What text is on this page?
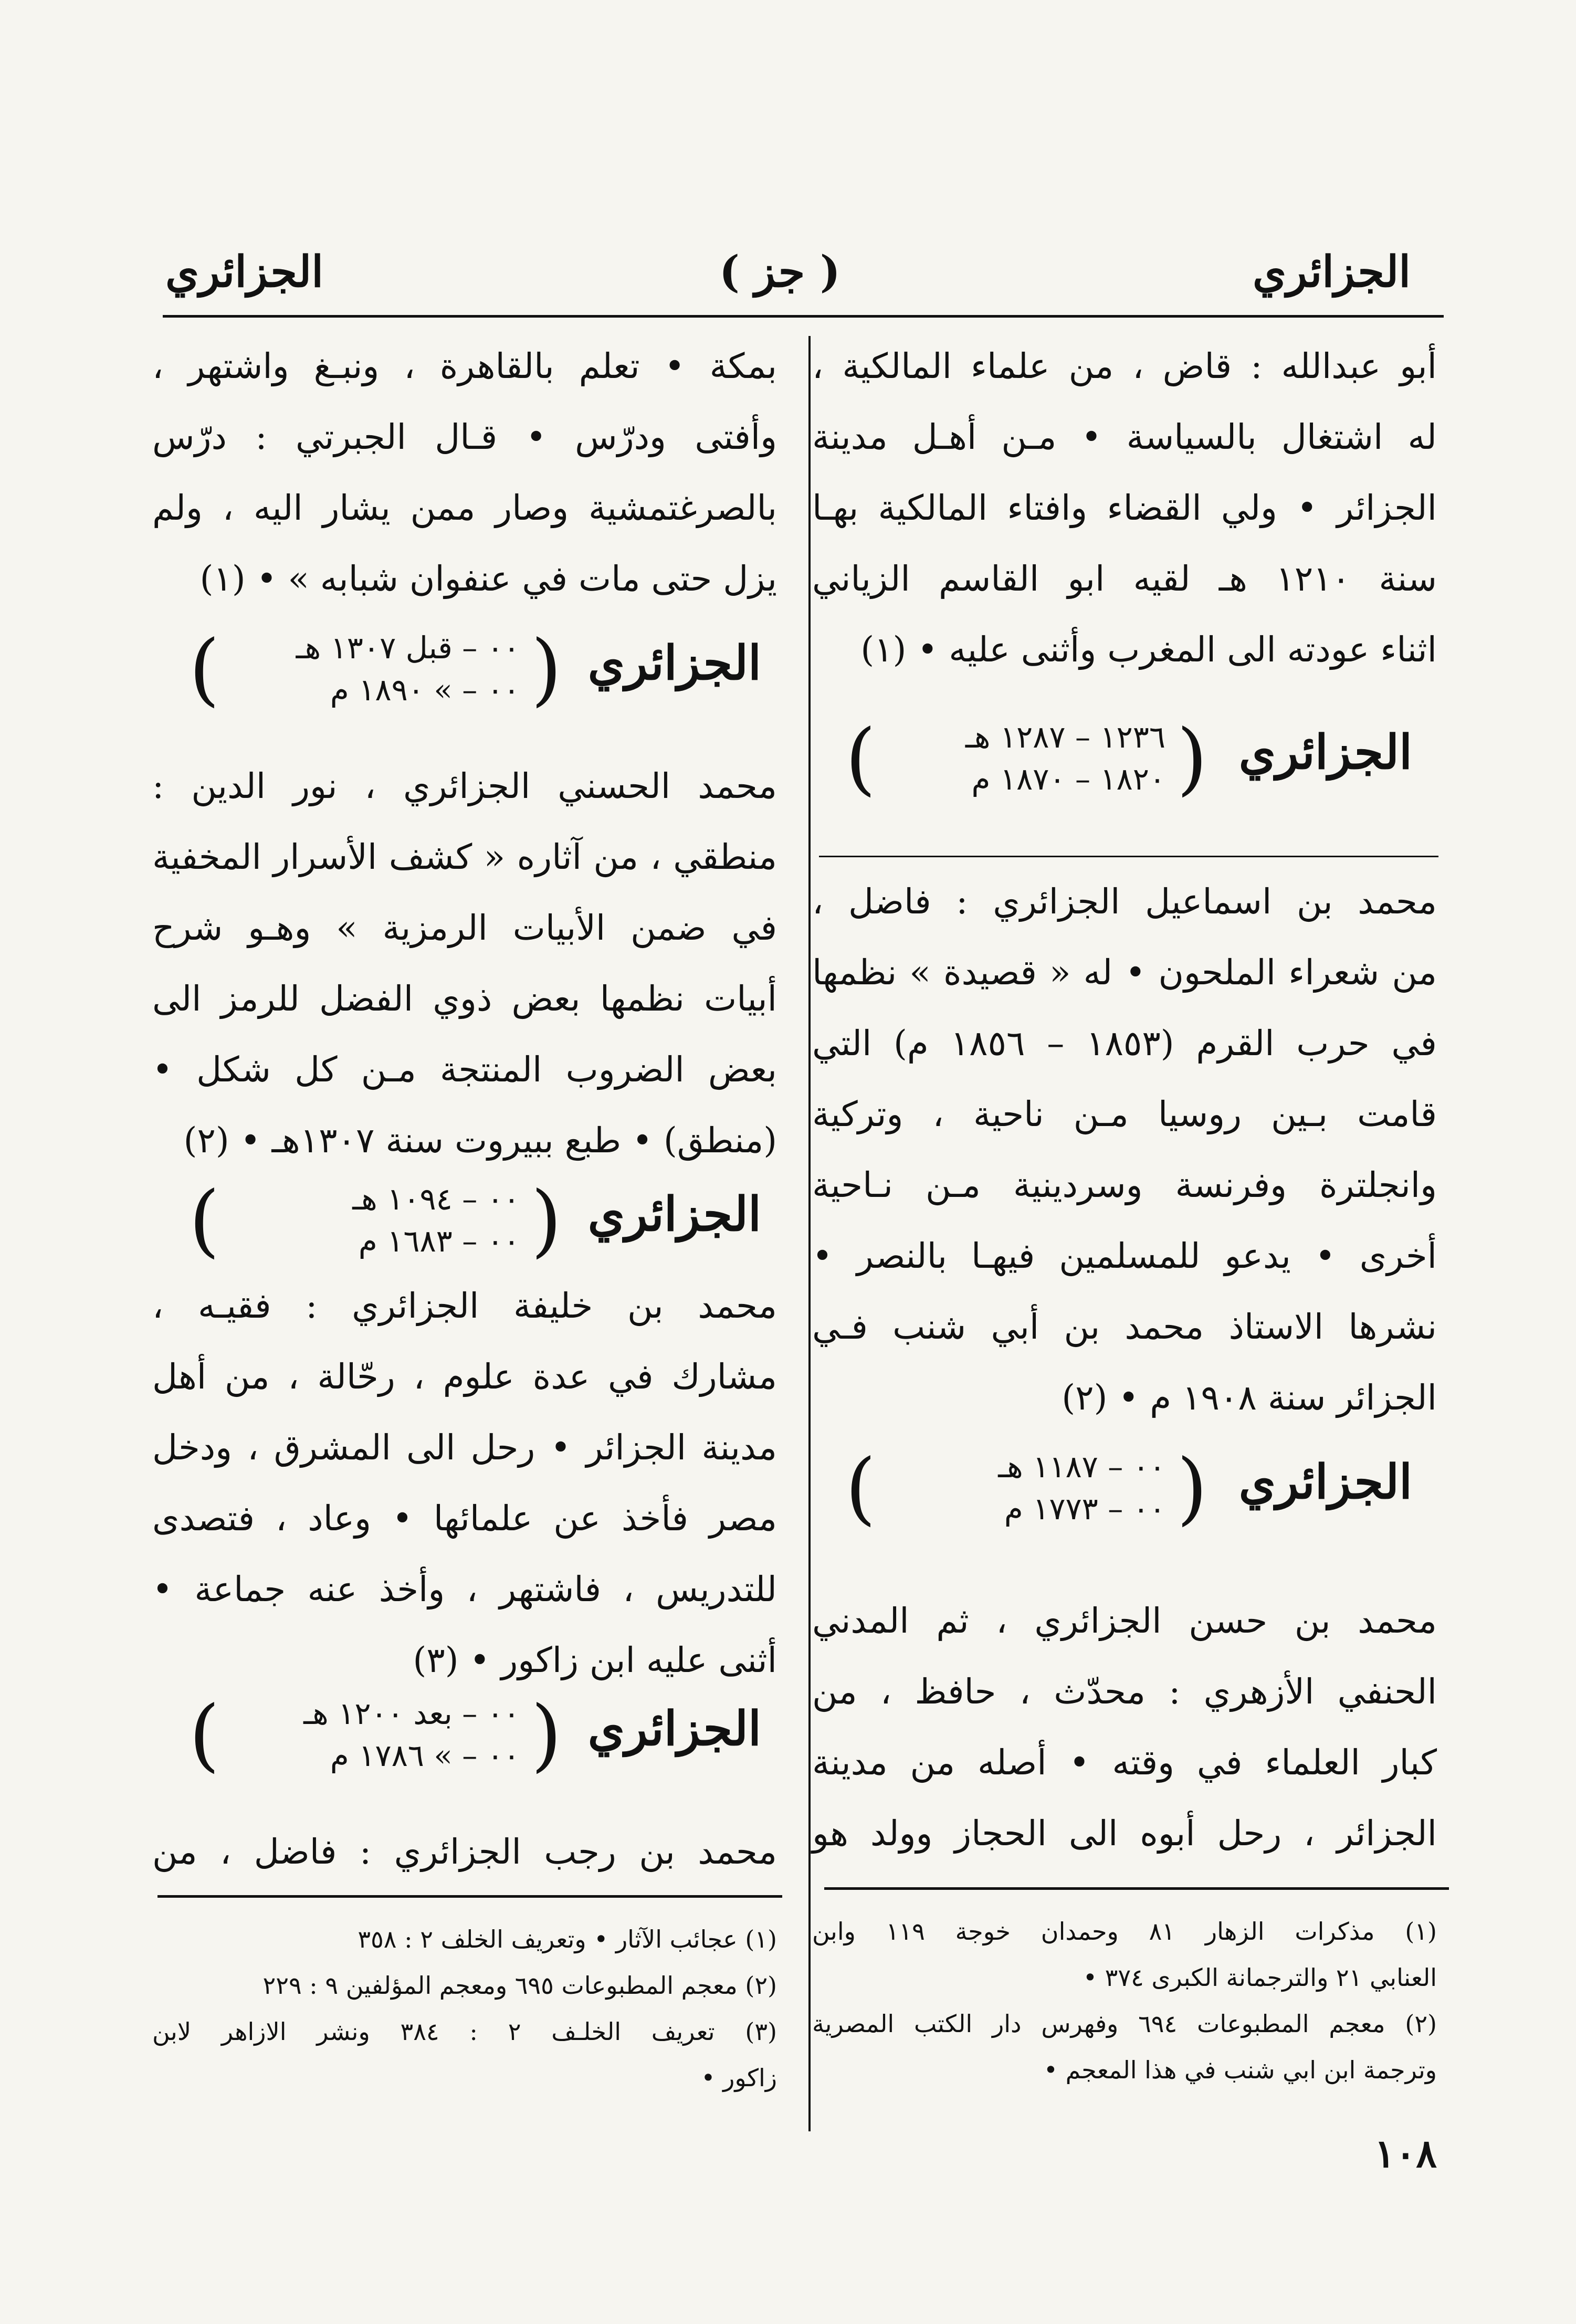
الجزائري
( جز )
الجزائري
أبو عبدالله : قاض ، من علماء المالكية ،
له اشتغال بالسياسة • مـن أهـل مدينة
الجزائر • ولي القضاء وافتاء المالكية بهـا
سنة ١٢١٠ هـ لقيه ابو القاسم الزياني
اثناء عودته الى المغرب وأثنى عليه • (١)
الجزائري
(
١٢٣٦ – ١٢٨٧ هـ
١٨٢٠ – ١٨٧٠ م
)
محمد بن اسماعيل الجزائري : فاضل ،
من شعراء الملحون • له « قصيدة » نظمها
في حرب القرم (١٨٥٣ – ١٨٥٦ م) التي
قامت بـين روسيا مـن ناحية ، وتركية
وانجلترة وفرنسة وسردينية مـن نـاحية
أخرى • يدعو للمسلمين فيهـا بالنصر •
نشرها الاستاذ محمد بن أبي شنب فـي
الجزائر سنة ١٩٠٨ م • (٢)
الجزائري
(
٠٠ – ١١٨٧ هـ
٠٠ – ١٧٧٣ م
)
محمد بن حسن الجزائري ، ثم المدني
الحنفي الأزهري : محدّث ، حافظ ، من
كبار العلماء في وقته • أصله من مدينة
الجزائر ، رحل أبوه الى الحجاز وولد هو
(١) مذكرات الزهار ٨١ وحمدان خوجة ١١٩ وابن
العنابي ٢١ والترجمانة الكبرى ٣٧٤ •
(٢) معجم المطبوعات ٦٩٤ وفهرس دار الكتب المصرية
وترجمة ابن ابي شنب في هذا المعجم •
بمكة • تعلم بالقاهرة ، ونبـغ واشتهر ،
وأفتى ودرّس • قـال الجبرتي : درّس
بالصرغتمشية وصار ممن يشار اليه ، ولم
يزل حتى مات في عنفوان شبابه » • (١)
الجزائري
(
٠٠ – قبل ١٣٠٧ هـ
٠٠ – » ١٨٩٠ م
)
محمد الحسني الجزائري ، نور الدين :
منطقي ، من آثاره « كشف الأسرار المخفية
في ضمن الأبيات الرمزية » وهـو شرح
أبيات نظمها بعض ذوي الفضل للرمز الى
بعض الضروب المنتجة مـن كل شكل •
(منطق) • طبع ببيروت سنة ١٣٠٧هـ • (٢)
الجزائري
(
٠٠ – ١٠٩٤ هـ
٠٠ – ١٦٨٣ م
)
محمد بن خليفة الجزائري : فقيـه ،
مشارك في عدة علوم ، رحّالة ، من أهل
مدينة الجزائر • رحل الى المشرق ، ودخل
مصر فأخذ عن علمائها • وعاد ، فتصدى
للتدريس ، فاشتهر ، وأخذ عنه جماعة •
أثنى عليه ابن زاكور • (٣)
الجزائري
(
٠٠ – بعد ١٢٠٠ هـ
٠٠ – » ١٧٨٦ م
)
محمد بن رجب الجزائري : فاضل ، من
(١) عجائب الآثار • وتعريف الخلف ٢ : ٣٥٨
(٢) معجم المطبوعات ٦٩٥ ومعجم المؤلفين ٩ : ٢٢٩
(٣) تعريف الخلـف ٢ : ٣٨٤ ونشر الازاهر لابن
زاكور •
١٠٨
